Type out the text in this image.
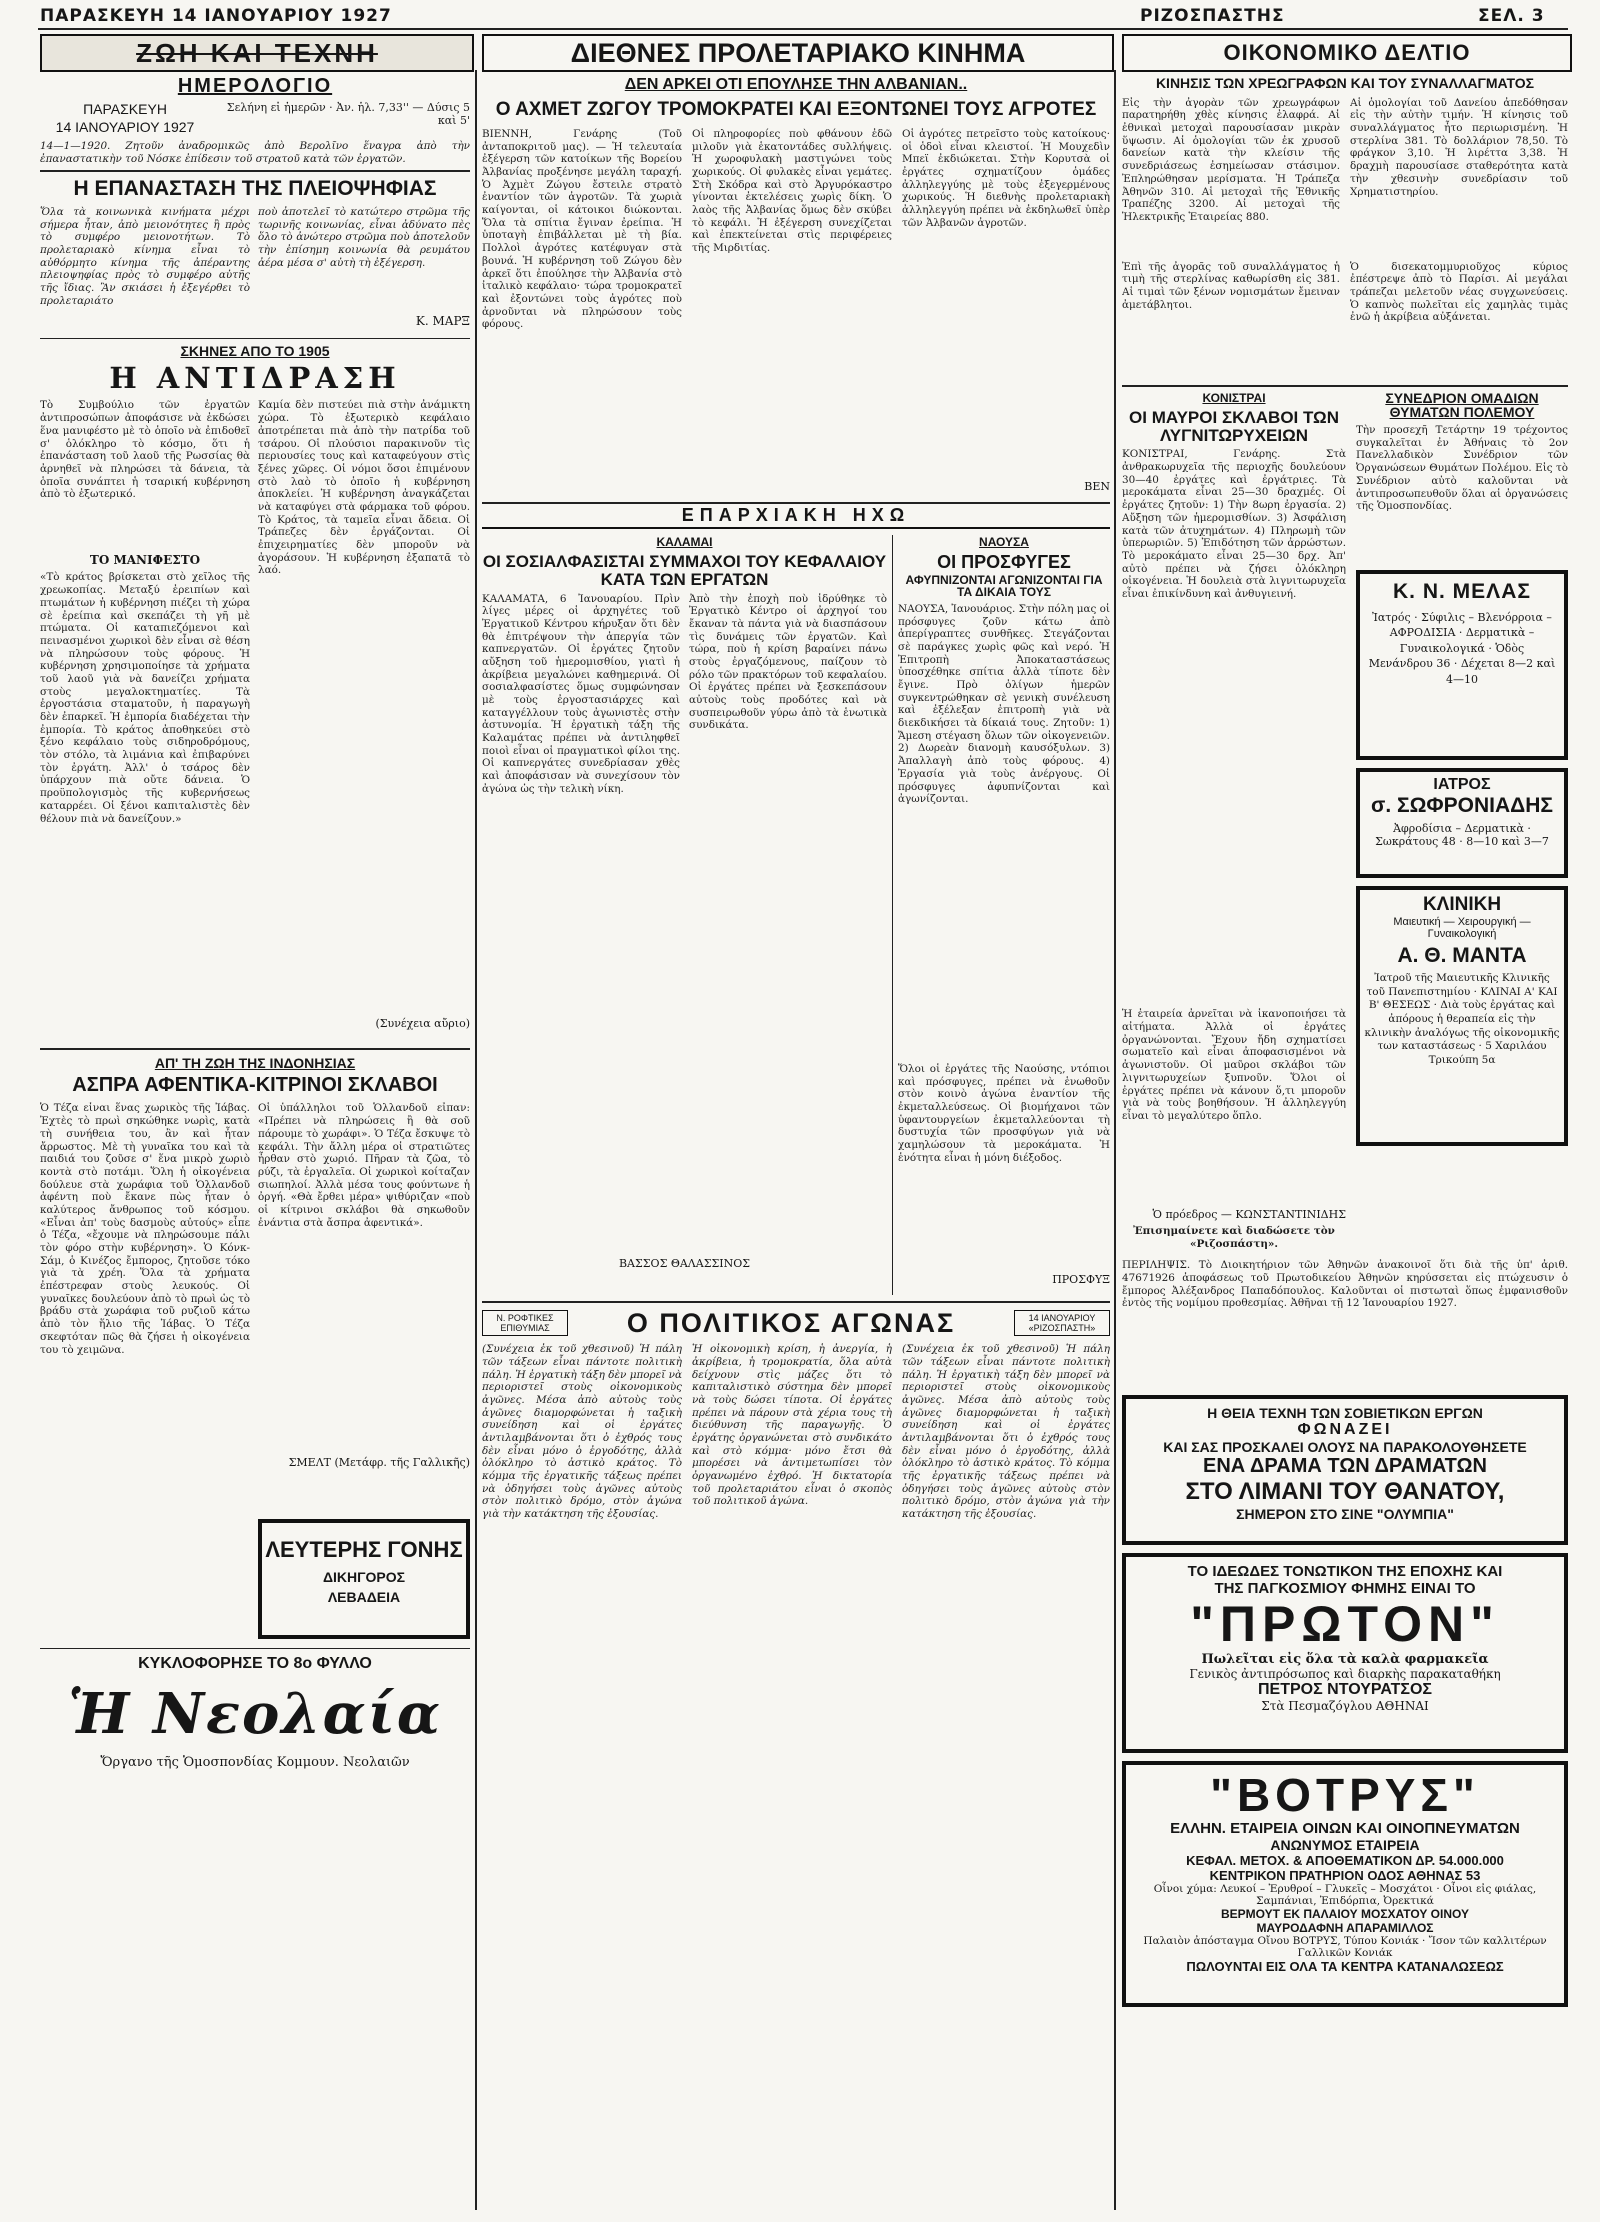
ΠΑΡΑΣΚΕΥΗ 14 ΙΑΝΟΥΑΡΙΟΥ 1927	ΡΙΖΟΣΠΑΣΤΗΣ	ΣΕΛ. 3
ΖΩΗ ΚΑΙ ΤΕΧΝΗ	ΔΙΕΘΝΕΣ ΠΡΟΛΕΤΑΡΙΑΚΟ ΚΙΝΗΜΑ	ΟΙΚΟΝΟΜΙΚΟ ΔΕΛΤΙΟ
ΗΜΕΡΟΛΟΓΙΟ
ΠΑΡΑΣΚΕΥΗ
14 ΙΑΝΟΥΑΡΙΟΥ 1927
Σελήνη εἰ ἡμερῶν · Ἀν. ἡλ. 7,33'' — Δύσις 5 καὶ 5'
14—1—1920. Ζητοῦν ἀναδρομικῶς ἀπὸ Βερολῖνο ἕναγρα ἀπὸ τὴν ἐπαναστατικὴν τοῦ Νόσκε ἐπίδεσιν τοῦ στρατοῦ κατὰ τῶν ἐργατῶν.
Η ΕΠΑΝΑΣΤΑΣΗ ΤΗΣ ΠΛΕΙΟΨΗΦΙΑΣ
Ὅλα τὰ κοινωνικὰ κινήματα μέχρι σήμερα ἦταν, ἀπὸ μειονότητες ἢ πρὸς τὸ συμφέρο μειονοτήτων. Τὸ προλεταριακὸ κίνημα εἶναι τὸ αὐθόρμητο κίνημα τῆς ἀπέραντης πλειοψηφίας πρὸς τὸ συμφέρο αὐτῆς τῆς ἴδιας. Ἂν σκιάσει ἡ ἐξεγέρθει τὸ προλεταριάτο
ποὺ ἀποτελεῖ τὸ κατώτερο στρῶμα τῆς τωρινῆς κοινωνίας, εἶναι ἀδύνατο πὲς ὅλο τὸ ἀνώτερο στρῶμα ποὺ ἀποτελοῦν τὴν ἐπίσημη κοινωνία θὰ ρευμάτου ἀέρα μέσα σ' αὐτὴ τὴ ἐξέγερση.
Κ. ΜΑΡΞ
ΣΚΗΝΕΣ ΑΠΟ ΤΟ 1905
Η ΑΝΤΙΔΡΑΣΗ
Τὸ Συμβούλιο τῶν ἐργατῶν ἀντιπροσώπων ἀποφάσισε νὰ ἐκδώσει ἕνα μανιφέστο μὲ τὸ ὁποῖο νὰ ἐπιδοθεῖ σ' ὁλόκληρο τὸ κόσμο, ὅτι ἡ ἐπανάσταση τοῦ λαοῦ τῆς Ρωσσίας θὰ ἀρνηθεῖ νὰ πληρώσει τὰ δάνεια, τὰ ὁποῖα συνάπτει ἡ τσαρική κυβέρνηση ἀπὸ τὸ ἐξωτερικό.
ΤΟ ΜΑΝΙΦΕΣΤΟ
«Τὸ κράτος βρίσκεται στὸ χεῖλος τῆς χρεωκοπίας. Μεταξύ ἐρειπίων καὶ πτωμάτων ἡ κυβέρνηση πιέζει τὴ χώρα σὲ ἐρείπια καὶ σκεπάζει τὴ γῆ μὲ πτώματα. Οἱ καταπιεζόμενοι καὶ πεινασμένοι χωρικοὶ δὲν εἶναι σὲ θέση νὰ πληρώσουν τοὺς φόρους. Ἡ κυβέρνηση χρησιμοποίησε τὰ χρήματα τοῦ λαοῦ γιὰ νὰ δανείζει χρήματα στοὺς μεγαλοκτηματίες. Τὰ ἐργοστάσια σταματοῦν, ἡ παραγωγὴ δὲν ἐπαρκεῖ. Ἡ ἐμπορία διαδέχεται τὴν ἐμπορία. Τὸ κράτος ἀποθηκεύει στὸ ξένο κεφάλαιο τοὺς σιδηροδρόμους, τὸν στόλο, τὰ λιμάνια καὶ ἐπιβαρύνει τὸν ἐργάτη. Ἀλλ' ὁ τσάρος δὲν ὑπάρχουν πιὰ οὔτε δάνεια. Ὁ προϋπολογισμὸς τῆς κυβερνήσεως καταρρέει. Οἱ ξένοι καπιταλιστὲς δὲν θέλουν πιὰ νὰ δανείζουν.»
Καμία δὲν πιστεύει πιὰ στὴν ἀνάμικτη χώρα. Τὸ ἐξωτερικὸ κεφάλαιο ἀποτρέπεται πιὰ ἀπὸ τὴν πατρίδα τοῦ τσάρου. Οἱ πλούσιοι παρακινοῦν τὶς περιουσίες τους καὶ καταφεύγουν στὶς ξένες χῶρες. Οἱ νόμοι ὅσοι ἐπιμένουν στὸ λαὸ τὸ ὁποῖο ἡ κυβέρνηση ἀποκλείει. Ἡ κυβέρνηση ἀναγκάζεται νὰ καταφύγει στὰ φάρμακα τοῦ φόρου. Τὸ Κράτος, τὰ ταμεῖα εἶναι ἄδεια. Οἱ Τράπεζες δὲν ἐργάζονται. Οἱ ἐπιχειρηματίες δὲν μποροῦν νὰ ἀγοράσουν. Ἡ κυβέρνηση ἐξαπατᾶ τὸ λαό.
(Συνέχεια αὔριο)
ΑΠ' ΤΗ ΖΩΗ ΤΗΣ ΙΝΔΟΝΗΣΙΑΣ
ΑΣΠΡΑ ΑΦΕΝΤΙΚΑ-ΚΙΤΡΙΝΟΙ ΣΚΛΑΒΟΙ
Ὁ Τέζα εἶναι ἕνας χωρικὸς τῆς Ἰάβας. Ἐχτὲς τὸ πρωὶ σηκώθηκε νωρὶς, κατὰ τὴ συνήθεια του, ἂν καὶ ἦταν ἄρρωστος. Μὲ τὴ γυναῖκα του καὶ τὰ παιδιά του ζοῦσε σ' ἕνα μικρὸ χωριὸ κοντὰ στὸ ποτάμι. Ὅλη ἡ οἰκογένεια δούλευε στὰ χωράφια τοῦ Ὁλλανδοῦ ἀφέντη ποὺ ἔκανε πὼς ἦταν ὁ καλύτερος ἄνθρωπος τοῦ κόσμου. «Εἶναι ἀπ' τοὺς δασμοὺς αὐτούς» εἶπε ὁ Τέζα, «ἔχουμε νὰ πληρώσουμε πάλι τὸν φόρο στὴν κυβέρνηση». Ὁ Κόνκ-Σάμ, ὁ Κινέζος ἔμπορος, ζητοῦσε τόκο γιὰ τὰ χρέη. Ὅλα τὰ χρήματα ἐπέστρεφαν στοὺς λευκούς. Οἱ γυναῖκες δουλεύουν ἀπὸ τὸ πρωὶ ὡς τὸ βράδυ στὰ χωράφια τοῦ ρυζιοῦ κάτω ἀπὸ τὸν ἥλιο τῆς Ἰάβας. Ὁ Τέζα σκεφτόταν πῶς θὰ ζήσει ἡ οἰκογένεια του τὸ χειμῶνα.
Οἱ ὑπάλληλοι τοῦ Ὁλλανδοῦ εἶπαν: «Πρέπει νὰ πληρώσεις ἢ θὰ σοῦ πάρουμε τὸ χωράφι». Ὁ Τέζα ἔσκυψε τὸ κεφάλι. Τὴν ἄλλη μέρα οἱ στρατιῶτες ἦρθαν στὸ χωριό. Πῆραν τὰ ζῶα, τὸ ρύζι, τὰ ἐργαλεῖα. Οἱ χωρικοὶ κοίταζαν σιωπηλοί. Ἀλλὰ μέσα τους φούντωνε ἡ ὀργή. «Θὰ ἔρθει μέρα» ψιθύριζαν «ποὺ οἱ κίτρινοι σκλάβοι θὰ σηκωθοῦν ἐνάντια στὰ ἄσπρα ἀφεντικά».
ΣΜΕΛΤ (Μετάφρ. τῆς Γαλλικῆς)
ΛΕΥΤΕΡΗΣ ΓΟΝΗΣ
ΔΙΚΗΓΟΡΟΣ
ΛΕΒΑΔΕΙΑ
ΚΥΚΛΟΦΟΡΗΣΕ ΤΟ 8ο ΦΥΛΛΟ
Ἡ Νεολαία
Ὄργανο τῆς Ὁμοσπονδίας Κομμουν. Νεολαιῶν
ΔΕΝ ΑΡΚΕΙ ΟΤΙ ΕΠΟΥΛΗΣΕ ΤΗΝ ΑΛΒΑΝΙΑΝ..
Ο ΑΧΜΕΤ ΖΩΓΟΥ ΤΡΟΜΟΚΡΑΤΕΙ ΚΑΙ ΕΞΟΝΤΩΝΕΙ ΤΟΥΣ ΑΓΡΟΤΕΣ
ΒΙΕΝΝΗ, Γενάρης (Τοῦ ἀνταποκριτοῦ μας). — Ἡ τελευταία ἐξέγερση τῶν κατοίκων τῆς Βορείου Ἀλβανίας προξένησε μεγάλη ταραχή. Ὁ Ἀχμὲτ Ζώγου ἔστειλε στρατὸ ἐναντίον τῶν ἀγροτῶν. Τὰ χωριὰ καίγονται, οἱ κάτοικοι διώκονται. Ὅλα τὰ σπίτια ἔγιναν ἐρείπια. Ἡ ὑποταγὴ ἐπιβάλλεται μὲ τὴ βία. Πολλοὶ ἀγρότες κατέφυγαν στὰ βουνά. Ἡ κυβέρνηση τοῦ Ζώγου δὲν ἀρκεῖ ὅτι ἐπούλησε τὴν Ἀλβανία στὸ ἰταλικὸ κεφάλαιο· τώρα τρομοκρατεῖ καὶ ἐξοντώνει τοὺς ἀγρότες ποὺ ἀρνοῦνται νὰ πληρώσουν τοὺς φόρους.
Οἱ πληροφορίες ποὺ φθάνουν ἐδῶ μιλοῦν γιὰ ἑκατοντάδες συλλήψεις. Ἡ χωροφυλακὴ μαστιγώνει τοὺς χωρικούς. Οἱ φυλακὲς εἶναι γεμάτες. Στὴ Σκόδρα καὶ στὸ Ἀργυρόκαστρο γίνονται ἐκτελέσεις χωρὶς δίκη. Ὁ λαὸς τῆς Ἀλβανίας ὅμως δὲν σκύβει τὸ κεφάλι. Ἡ ἐξέγερση συνεχίζεται καὶ ἐπεκτείνεται στὶς περιφέρειες τῆς Μιρδιτίας.
Οἱ ἀγρότες πετρεῖστο τοὺς κατοίκους· οἱ ὁδοὶ εἶναι κλειστοί. Ἡ Μουχεδὶν Μπεϊ ἐκδιώκεται. Στὴν Κορυτσὰ οἱ ἐργάτες σχηματίζουν ὁμάδες ἀλληλεγγύης μὲ τοὺς ἐξεγερμένους χωρικούς. Ἡ διεθνὴς προλεταριακὴ ἀλληλεγγύη πρέπει νὰ ἐκδηλωθεῖ ὑπὲρ τῶν Ἀλβανῶν ἀγροτῶν.
ΒΕΝ
ΕΠΑΡΧΙΑΚΗ ΗΧΩ
ΚΑΛΑΜΑΙ
ΟΙ ΣΟΣΙΑΛΦΑΣΙΣΤΑΙ ΣΥΜΜΑΧΟΙ ΤΟΥ ΚΕΦΑΛΑΙΟΥ ΚΑΤΑ ΤΩΝ ΕΡΓΑΤΩΝ
ΚΑΛΑΜΑΤΑ, 6 Ἰανουαρίου. Πρὶν λίγες μέρες οἱ ἀρχηγέτες τοῦ Ἐργατικοῦ Κέντρου κήρυξαν ὅτι δὲν θὰ ἐπιτρέψουν τὴν ἀπεργία τῶν καπνεργατῶν. Οἱ ἐργάτες ζητοῦν αὔξηση τοῦ ἡμερομισθίου, γιατὶ ἡ ἀκρίβεια μεγαλώνει καθημερινά. Οἱ σοσιαλφασίστες ὅμως συμφώνησαν μὲ τοὺς ἐργοστασιάρχες καὶ καταγγέλλουν τοὺς ἀγωνιστὲς στὴν ἀστυνομία. Ἡ ἐργατικὴ τάξη τῆς Καλαμάτας πρέπει νὰ ἀντιληφθεῖ ποιοὶ εἶναι οἱ πραγματικοὶ φίλοι της. Οἱ καπνεργάτες συνεδρίασαν χθὲς καὶ ἀποφάσισαν νὰ συνεχίσουν τὸν ἀγώνα ὡς τὴν τελικὴ νίκη.
Ἀπὸ τὴν ἐποχὴ ποὺ ἱδρύθηκε τὸ Ἐργατικὸ Κέντρο οἱ ἀρχηγοί του ἔκαναν τὰ πάντα γιὰ νὰ διασπάσουν τὶς δυνάμεις τῶν ἐργατῶν. Καὶ τώρα, ποὺ ἡ κρίση βαραίνει πάνω στοὺς ἐργαζόμενους, παίζουν τὸ ρόλο τῶν πρακτόρων τοῦ κεφαλαίου. Οἱ ἐργάτες πρέπει νὰ ξεσκεπάσουν αὐτοὺς τοὺς προδότες καὶ νὰ συσπειρωθοῦν γύρω ἀπὸ τὰ ἑνωτικὰ συνδικάτα.
ΒΑΣΣΟΣ ΘΑΛΑΣΣΙΝΟΣ
ΝΑΟΥΣΑ
ΟΙ ΠΡΟΣΦΥΓΕΣ
ΑΦΥΠΝΙΖΟΝΤΑΙ ΑΓΩΝΙΖΟΝΤΑΙ ΓΙΑ ΤΑ ΔΙΚΑΙΑ ΤΟΥΣ
ΝΑΟΥΣΑ, Ἰανουάριος. Στὴν πόλη μας οἱ πρόσφυγες ζοῦν κάτω ἀπὸ ἀπερίγραπτες συνθῆκες. Στεγάζονται σὲ παράγκες χωρὶς φῶς καὶ νερό. Ἡ Ἐπιτροπὴ Ἀποκαταστάσεως ὑποσχέθηκε σπίτια ἀλλὰ τίποτε δὲν ἔγινε. Πρὸ ὀλίγων ἡμερῶν συγκεντρώθηκαν σὲ γενικὴ συνέλευση καὶ ἐξέλεξαν ἐπιτροπὴ γιὰ νὰ διεκδικήσει τὰ δίκαιά τους. Ζητοῦν: 1) Ἄμεση στέγαση ὅλων τῶν οἰκογενειῶν. 2) Δωρεὰν διανομὴ καυσόξυλων. 3) Ἀπαλλαγὴ ἀπὸ τοὺς φόρους. 4) Ἐργασία γιὰ τοὺς ἀνέργους. Οἱ πρόσφυγες ἀφυπνίζονται καὶ ἀγωνίζονται.
Ὅλοι οἱ ἐργάτες τῆς Ναούσης, ντόπιοι καὶ πρόσφυγες, πρέπει νὰ ἑνωθοῦν στὸν κοινὸ ἀγώνα ἐναντίον τῆς ἐκμεταλλεύσεως. Οἱ βιομήχανοι τῶν ὑφαντουργείων ἐκμεταλλεύονται τὴ δυστυχία τῶν προσφύγων γιὰ νὰ χαμηλώσουν τὰ μεροκάματα. Ἡ ἑνότητα εἶναι ἡ μόνη διέξοδος.
ΠΡΟΣΦΥΞ
Ν. ΡΟΦΤΙΚΕΣ ΕΠΙΘΥΜΙΑΣ	Ο ΠΟΛΙΤΙΚΟΣ ΑΓΩΝΑΣ	14 ΙΑΝΟΥΑΡΙΟΥ «ΡΙΖΟΣΠΑΣΤΗ»
(Συνέχεια ἐκ τοῦ χθεσινοῦ) Ἡ πάλη τῶν τάξεων εἶναι πάντοτε πολιτικὴ πάλη. Ἡ ἐργατικὴ τάξη δὲν μπορεῖ νὰ περιοριστεῖ στοὺς οἰκονομικοὺς ἀγῶνες. Μέσα ἀπὸ αὐτοὺς τοὺς ἀγῶνες διαμορφώνεται ἡ ταξικὴ συνείδηση καὶ οἱ ἐργάτες ἀντιλαμβάνονται ὅτι ὁ ἐχθρός τους δὲν εἶναι μόνο ὁ ἐργοδότης, ἀλλὰ ὁλόκληρο τὸ ἀστικὸ κράτος. Τὸ κόμμα τῆς ἐργατικῆς τάξεως πρέπει νὰ ὁδηγήσει τοὺς ἀγῶνες αὐτοὺς στὸν πολιτικὸ δρόμο, στὸν ἀγώνα γιὰ τὴν κατάκτηση τῆς ἐξουσίας.
Ἡ οἰκονομικὴ κρίση, ἡ ἀνεργία, ἡ ἀκρίβεια, ἡ τρομοκρατία, ὅλα αὐτὰ δείχνουν στὶς μάζες ὅτι τὸ καπιταλιστικὸ σύστημα δὲν μπορεῖ νὰ τοὺς δώσει τίποτα. Οἱ ἐργάτες πρέπει νὰ πάρουν στὰ χέρια τους τὴ διεύθυνση τῆς παραγωγῆς. Ὁ ἐργάτης ὀργανώνεται στὸ συνδικάτο καὶ στὸ κόμμα· μόνο ἔτσι θὰ μπορέσει νὰ ἀντιμετωπίσει τὸν ὀργανωμένο ἐχθρό. Ἡ δικτατορία τοῦ προλεταριάτου εἶναι ὁ σκοπὸς τοῦ πολιτικοῦ ἀγώνα.
(Συνέχεια ἐκ τοῦ χθεσινοῦ) Ἡ πάλη τῶν τάξεων εἶναι πάντοτε πολιτικὴ πάλη. Ἡ ἐργατικὴ τάξη δὲν μπορεῖ νὰ περιοριστεῖ στοὺς οἰκονομικοὺς ἀγῶνες. Μέσα ἀπὸ αὐτοὺς τοὺς ἀγῶνες διαμορφώνεται ἡ ταξικὴ συνείδηση καὶ οἱ ἐργάτες ἀντιλαμβάνονται ὅτι ὁ ἐχθρός τους δὲν εἶναι μόνο ὁ ἐργοδότης, ἀλλὰ ὁλόκληρο τὸ ἀστικὸ κράτος. Τὸ κόμμα τῆς ἐργατικῆς τάξεως πρέπει νὰ ὁδηγήσει τοὺς ἀγῶνες αὐτοὺς στὸν πολιτικὸ δρόμο, στὸν ἀγώνα γιὰ τὴν κατάκτηση τῆς ἐξουσίας.
ΚΙΝΗΣΙΣ ΤΩΝ ΧΡΕΩΓΡΑΦΩΝ ΚΑΙ ΤΟΥ ΣΥΝΑΛΛΑΓΜΑΤΟΣ
Εἰς τὴν ἀγορὰν τῶν χρεωγράφων παρατηρήθη χθὲς κίνησις ἐλαφρά. Αἱ ἐθνικαὶ μετοχαὶ παρουσίασαν μικρὰν ὕψωσιν. Αἱ ὁμολογίαι τῶν ἐκ χρυσοῦ δανείων κατὰ τὴν κλείσιν τῆς συνεδριάσεως ἐσημείωσαν στάσιμον. Ἐπληρώθησαν μερίσματα. Ἡ Τράπεζα Ἀθηνῶν 310. Αἱ μετοχαὶ τῆς Ἐθνικῆς Τραπέζης 3200. Αἱ μετοχαὶ τῆς Ἡλεκτρικῆς Ἑταιρείας 880.
Αἱ ὁμολογίαι τοῦ Δανείου ἀπεδόθησαν εἰς τὴν αὐτὴν τιμήν. Ἡ κίνησις τοῦ συναλλάγματος ἦτο περιωρισμένη. Ἡ στερλίνα 381. Τὸ δολλάριον 78,50. Τὸ φράγκον 3,10. Ἡ λιρέττα 3,38. Ἡ δραχμὴ παρουσίασε σταθερότητα κατὰ τὴν χθεσινὴν συνεδρίασιν τοῦ Χρηματιστηρίου.
Ἐπὶ τῆς ἀγορᾶς τοῦ συναλλάγματος ἡ τιμὴ τῆς στερλίνας καθωρίσθη εἰς 381. Αἱ τιμαὶ τῶν ξένων νομισμάτων ἔμειναν ἀμετάβλητοι.
Ὁ δισεκατομμυριοῦχος κύριος ἐπέστρεψε ἀπὸ τὸ Παρίσι. Αἱ μεγάλαι τράπεζαι μελετοῦν νέας συγχωνεύσεις. Ὁ καπνὸς πωλεῖται εἰς χαμηλὰς τιμὰς ἐνῶ ἡ ἀκρίβεια αὐξάνεται.
ΚΟΝΙΣΤΡΑΙ
ΟΙ ΜΑΥΡΟΙ ΣΚΛΑΒΟΙ ΤΩΝ ΛΥΓΝΙΤΩΡΥΧΕΙΩΝ
ΚΟΝΙΣΤΡΑΙ, Γενάρης. Στὰ ἀνθρακωρυχεῖα τῆς περιοχῆς δουλεύουν 30—40 ἐργάτες καὶ ἐργάτριες. Τὰ μεροκάματα εἶναι 25—30 δραχμές. Οἱ ἐργάτες ζητοῦν: 1) Τὴν 8ωρη ἐργασία. 2) Αὔξηση τῶν ἡμερομισθίων. 3) Ἀσφάλιση κατὰ τῶν ἀτυχημάτων. 4) Πληρωμὴ τῶν ὑπερωριῶν. 5) Ἐπιδότηση τῶν ἀρρώστων. Τὸ μεροκάματο εἶναι 25—30 δρχ. Ἀπ' αὐτὸ πρέπει νὰ ζήσει ὁλόκληρη οἰκογένεια. Ἡ δουλειὰ στὰ λιγνιτωρυχεῖα εἶναι ἐπικίνδυνη καὶ ἀνθυγιεινή.
Ἡ ἐταιρεία ἀρνεῖται νὰ ἱκανοποιήσει τὰ αἰτήματα. Ἀλλὰ οἱ ἐργάτες ὀργανώνονται. Ἔχουν ἤδη σχηματίσει σωματεῖο καὶ εἶναι ἀποφασισμένοι νὰ ἀγωνιστοῦν. Οἱ μαῦροι σκλάβοι τῶν λιγνιτωρυχείων ξυπνοῦν. Ὅλοι οἱ ἐργάτες πρέπει νὰ κάνουν ὅ,τι μποροῦν γιὰ νὰ τοὺς βοηθήσουν. Ἡ ἀλληλεγγύη εἶναι τὸ μεγαλύτερο ὅπλο.
Ὁ πρόεδρος — ΚΩΝΣΤΑΝΤΙΝΙΔΗΣ
Ἐπισημαίνετε καὶ διαδώσετε τὸν «Ριζοσπάστη».
ΣΥΝΕΔΡΙΟΝ ΟΜΑΔΙΩΝ ΘΥΜΑΤΩΝ ΠΟΛΕΜΟΥ
Τὴν προσεχῆ Τετάρτην 19 τρέχοντος συγκαλεῖται ἐν Ἀθήναις τὸ 2ον Πανελλαδικὸν Συνέδριον τῶν Ὀργανώσεων Θυμάτων Πολέμου. Εἰς τὸ Συνέδριον αὐτὸ καλοῦνται νὰ ἀντιπροσωπευθοῦν ὅλαι αἱ ὀργανώσεις τῆς Ὁμοσπονδίας.
Κ. Ν. ΜΕΛΑΣ
Ἰατρός · Σύφιλις – Βλενόρροια – ΑΦΡΟΔΙΣΙΑ · Δερματικὰ – Γυναικολογικά · Ὁδὸς Μενάνδρου 36 · Δέχεται 8—2 καὶ 4—10
ΙΑΤΡΟΣ
σ. ΣΩΦΡΟΝΙΑΔΗΣ
Ἀφροδίσια – Δερματικὰ · Σωκράτους 48 · 8—10 καὶ 3—7
ΚΛΙΝΙΚΗ
Μαιευτική — Χειρουργική — Γυναικολογική
Α. Θ. ΜΑΝΤΑ
Ἰατροῦ τῆς Μαιευτικῆς Κλινικῆς τοῦ Πανεπιστημίου · ΚΛΙΝΑΙ Α' ΚΑΙ Β' ΘΕΣΕΩΣ · Διὰ τοὺς ἐργάτας καὶ ἀπόρους ἡ θεραπεία εἰς τὴν κλινικὴν ἀναλόγως τῆς οἰκονομικῆς των καταστάσεως · 5 Χαριλάου Τρικούπη 5α
ΠΕΡΙΛΗΨΙΣ. Τὸ Διοικητήριον τῶν Ἀθηνῶν ἀνακοινοῖ ὅτι διὰ τῆς ὑπ' ἀριθ. 47671926 ἀποφάσεως τοῦ Πρωτοδικείου Ἀθηνῶν κηρύσσεται εἰς πτώχευσιν ὁ ἔμπορος Ἀλέξανδρος Παπαδόπουλος. Καλοῦνται οἱ πιστωταὶ ὅπως ἐμφανισθοῦν ἐντὸς τῆς νομίμου προθεσμίας. Ἀθῆναι τῇ 12 Ἰανουαρίου 1927.
Η ΘΕΙΑ ΤΕΧΝΗ ΤΩΝ ΣΟΒΙΕΤΙΚΩΝ ΕΡΓΩΝ
ΦΩΝΑΖΕΙ
ΚΑΙ ΣΑΣ ΠΡΟΣΚΑΛΕΙ ΟΛΟΥΣ ΝΑ ΠΑΡΑΚΟΛΟΥΘΗΣΕΤΕ
ΕΝΑ ΔΡΑΜΑ ΤΩΝ ΔΡΑΜΑΤΩΝ
ΣΤΟ ΛΙΜΑΝΙ ΤΟΥ ΘΑΝΑΤΟΥ,
ΣΗΜΕΡΟΝ ΣΤΟ ΣΙΝΕ "ΟΛΥΜΠΙΑ"
ΤΟ ΙΔΕΩΔΕΣ ΤΟΝΩΤΙΚΟΝ ΤΗΣ ΕΠΟΧΗΣ ΚΑΙ
ΤΗΣ ΠΑΓΚΟΣΜΙΟΥ ΦΗΜΗΣ ΕΙΝΑΙ ΤΟ
"ΠΡΩΤΟΝ"
Πωλεῖται εἰς ὅλα τὰ καλὰ φαρμακεῖα
Γενικὸς ἀντιπρόσωπος καὶ διαρκὴς παρακαταθήκη
ΠΕΤΡΟΣ ΝΤΟΥΡΑΤΣΟΣ
Στὰ Πεσμαζόγλου ΑΘΗΝΑΙ
"ΒΟΤΡΥΣ"
ΕΛΛΗΝ. ΕΤΑΙΡΕΙΑ ΟΙΝΩΝ ΚΑΙ ΟΙΝΟΠΝΕΥΜΑΤΩΝ
ΑΝΩΝΥΜΟΣ ΕΤΑΙΡΕΙΑ
ΚΕΦΑΛ. ΜΕΤΟΧ. & ΑΠΟΘΕΜΑΤΙΚΟΝ ΔΡ. 54.000.000
ΚΕΝΤΡΙΚΟΝ ΠΡΑΤΗΡΙΟΝ ΟΔΟΣ ΑΘΗΝΑΣ 53
Οἶνοι χύμα: Λευκοί – Ἐρυθροί – Γλυκεῖς – Μοσχάτοι · Οἶνοι εἰς φιάλας, Σαμπάνιαι, Ἐπιδόρπια, Ὀρεκτικά
ΒΕΡΜΟΥΤ ΕΚ ΠΑΛΑΙΟΥ ΜΟΣΧΑΤΟΥ ΟΙΝΟΥ
ΜΑΥΡΟΔΑΦΝΗ ΑΠΑΡΑΜΙΛΛΟΣ
Παλαιὸν ἀπόσταγμα Οἴνου ΒΟΤΡΥΣ, Τύπου Κονιάκ · Ἴσον τῶν καλλιτέρων Γαλλικῶν Κονιάκ
ΠΩΛΟΥΝΤΑΙ ΕΙΣ ΟΛΑ ΤΑ ΚΕΝΤΡΑ ΚΑΤΑΝΑΛΩΣΕΩΣ
